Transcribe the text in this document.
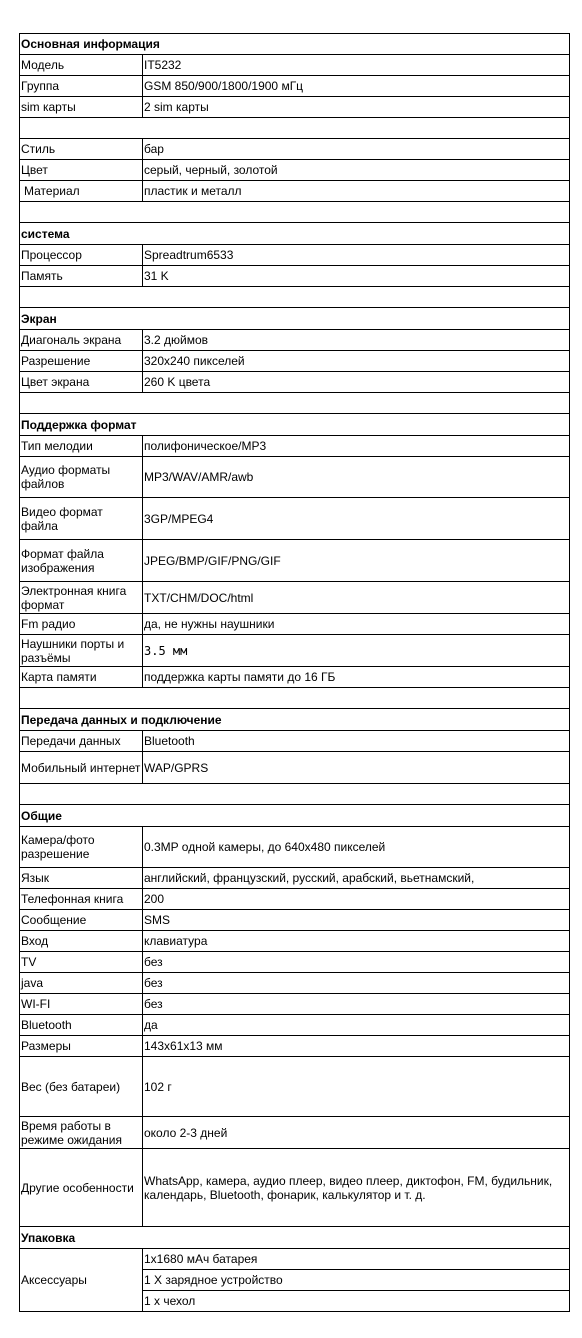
Основная информация	
Модель	IT5232
Группа	GSM 850/900/1800/1900 мГц
sim карты	2 sim карты

Стиль	бар
Цвет	серый, черный, золотой
Материал	пластик и металл

система	
Процессор	Spreadtrum6533
Память	31 K

Экран	
Диагональ экрана	3.2 дюймов
Разрешение	320x240 пикселей
Цвет экрана	260 K цвета

Поддержка формат	
Тип мелодии	полифоническое/MP3
Аудио форматы файлов	MP3/WAV/AMR/awb
Видео формат файла	3GP/MPEG4
Формат файла изображения	JPEG/BMP/GIF/PNG/GIF
Электронная книга формат	TXT/CHM/DOC/html
Fm радио	да, не нужны наушники
Наушники порты и разъёмы	3.5 мм
Карта памяти	поддержка карты памяти до 16 ГБ

Передача данных и подключение	
Передачи данных	Bluetooth
Мобильный интернет	WAP/GPRS

Общие	
Камера/фото разрешение	0.3MP одной камеры, до 640x480 пикселей
Язык	английский, французский, русский, арабский, вьетнамский,
Телефонная книга	200
Сообщение	SMS
Вход	клавиатура
TV	без
java	без
WI-FI	без
Bluetooth	да
Размеры	143x61x13 мм
Вес (без батареи)	102 г
Время работы в режиме ожидания	около 2-3 дней
Другие особенности	WhatsApp, камера, аудио плеер, видео плеер, диктофон, FM, будильник, календарь, Bluetooth, фонарик, калькулятор и т. д.
Упаковка	
Аксессуары	1x1680 мАч батарея
	1 X зарядное устройство
	1 x чехол
